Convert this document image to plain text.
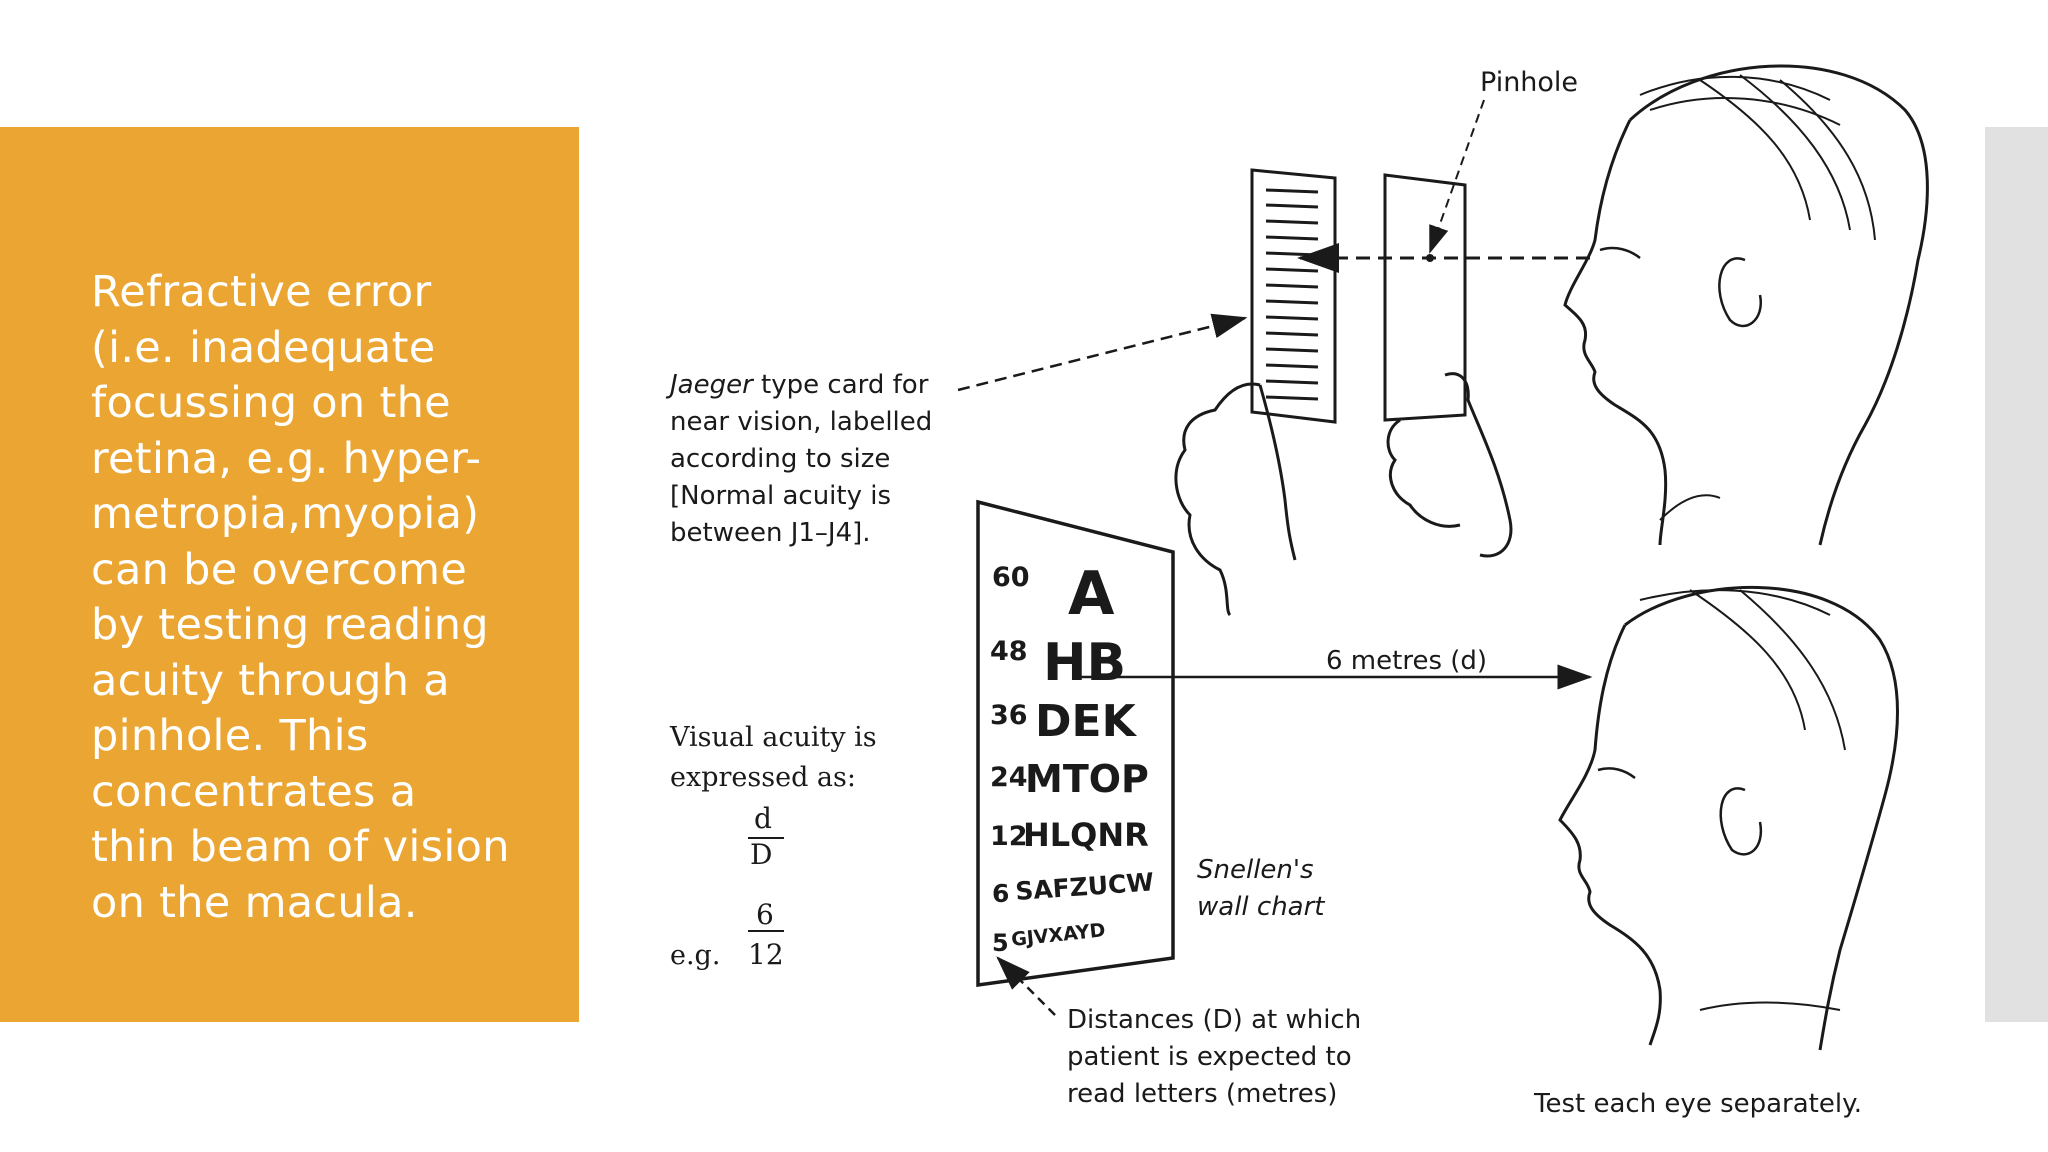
Refractive error
(i.e. inadequate
focussing on the
retina, e.g. hyper-
metropia,myopia)
can be overcome
by testing reading
acuity through a
pinhole. This
concentrates a
thin beam of vision
on the macula.
60 A
48 HB
36 DEK
24
MTOP
12
HLQNR
6 SAFZUCW
5 GJVXAYD
Pinhole
Jaeger type card for
near vision, labelled
according to size
[Normal acuity is
between J1–J4].
Visual acuity is
expressed as:
d
D
e.g.
6
12
6 metres (d)
Snellen's
wall chart
Distances (D) at which
patient is expected to
read letters (metres)	Test each eye separately.
